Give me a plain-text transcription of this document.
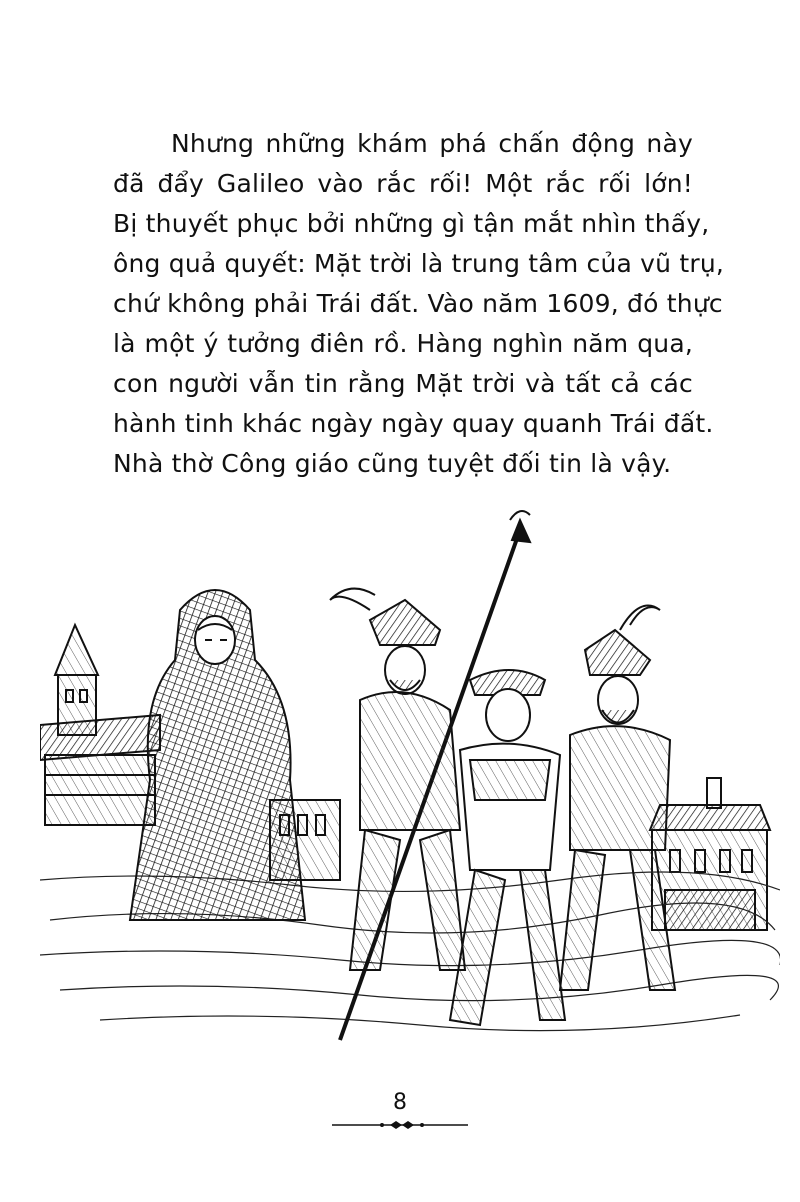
Nhưng những khám phá chấn động này
đã đẩy Galileo vào rắc rối! Một rắc rối lớn!
Bị thuyết phục bởi những gì tận mắt nhìn thấy,
ông quả quyết: Mặt trời là trung tâm của vũ trụ,
chứ không phải Trái đất. Vào năm 1609, đó thực
là một ý tưởng điên rồ. Hàng nghìn năm qua,
con người vẫn tin rằng Mặt trời và tất cả các
hành tinh khác ngày ngày quay quanh Trái đất.
Nhà thờ Công giáo cũng tuyệt đối tin là vậy.
8
